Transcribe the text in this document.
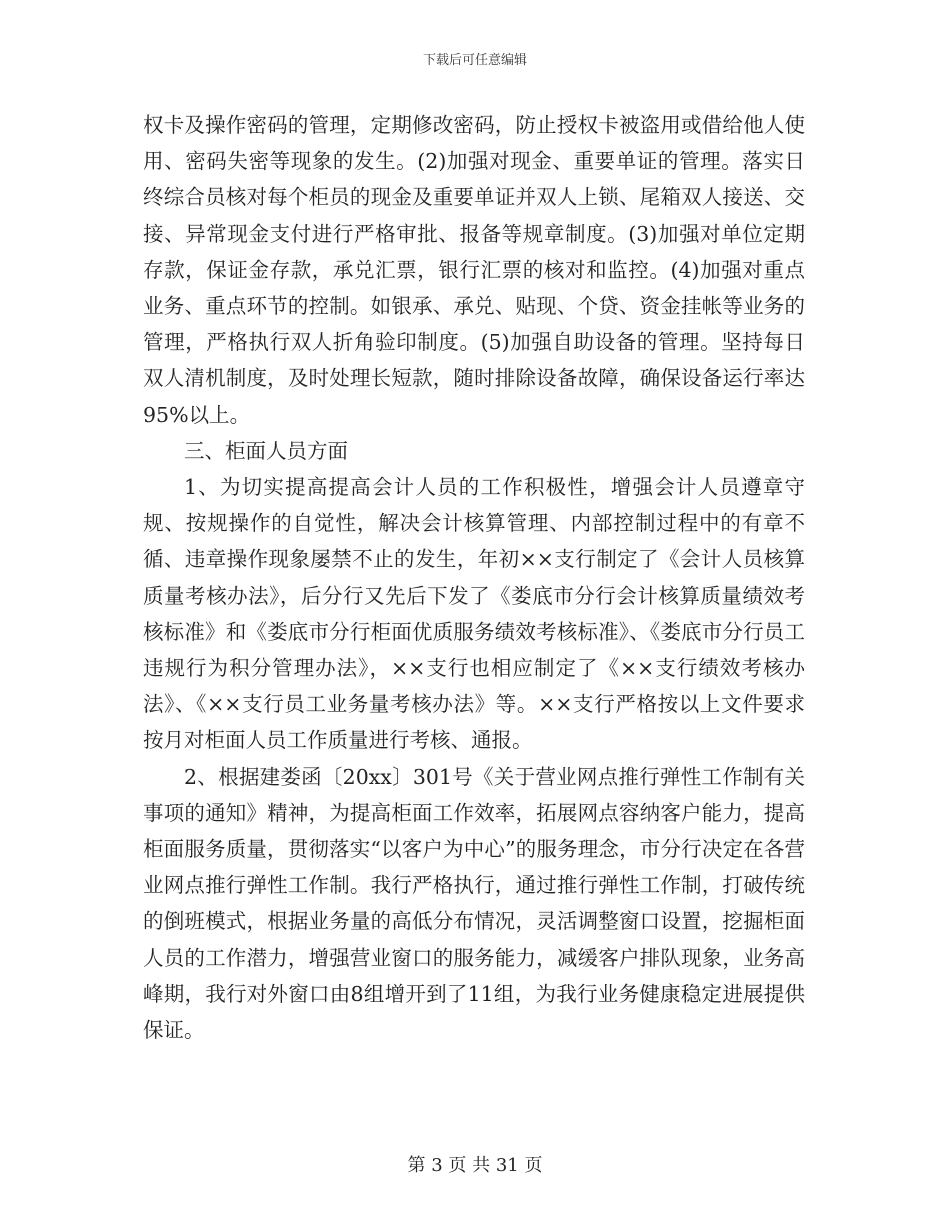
下载后可任意编辑

权卡及操作密码的管理，定期修改密码，防止授权卡被盗用或借给他人使用、密码失密等现象的发生。(2)加强对现金、重要单证的管理。落实日终综合员核对每个柜员的现金及重要单证并双人上锁、尾箱双人接送、交接、异常现金支付进行严格审批、报备等规章制度。(3)加强对单位定期存款，保证金存款，承兑汇票，银行汇票的核对和监控。(4)加强对重点业务、重点环节的控制。如银承、承兑、贴现、个贷、资金挂帐等业务的管理，严格执行双人折角验印制度。(5)加强自助设备的管理。坚持每日双人清机制度，及时处理长短款，随时排除设备故障，确保设备运行率达95%以上。

三、柜面人员方面

1、为切实提高提高会计人员的工作积极性，增强会计人员遵章守规、按规操作的自觉性，解决会计核算管理、内部控制过程中的有章不循、违章操作现象屡禁不止的发生，年初××支行制定了《会计人员核算质量考核办法》，后分行又先后下发了《娄底市分行会计核算质量绩效考核标准》和《娄底市分行柜面优质服务绩效考核标准》、《娄底市分行员工违规行为积分管理办法》，××支行也相应制定了《××支行绩效考核办法》、《××支行员工业务量考核办法》等。××支行严格按以上文件要求按月对柜面人员工作质量进行考核、通报。

2、根据建娄函〔20xx〕301号《关于营业网点推行弹性工作制有关事项的通知》精神，为提高柜面工作效率，拓展网点容纳客户能力，提高柜面服务质量，贯彻落实“以客户为中心”的服务理念，市分行决定在各营业网点推行弹性工作制。我行严格执行，通过推行弹性工作制，打破传统的倒班模式，根据业务量的高低分布情况，灵活调整窗口设置，挖掘柜面人员的工作潜力，增强营业窗口的服务能力，减缓客户排队现象，业务高峰期，我行对外窗口由8组增开到了11组，为我行业务健康稳定进展提供保证。

第 3 页 共 31 页
